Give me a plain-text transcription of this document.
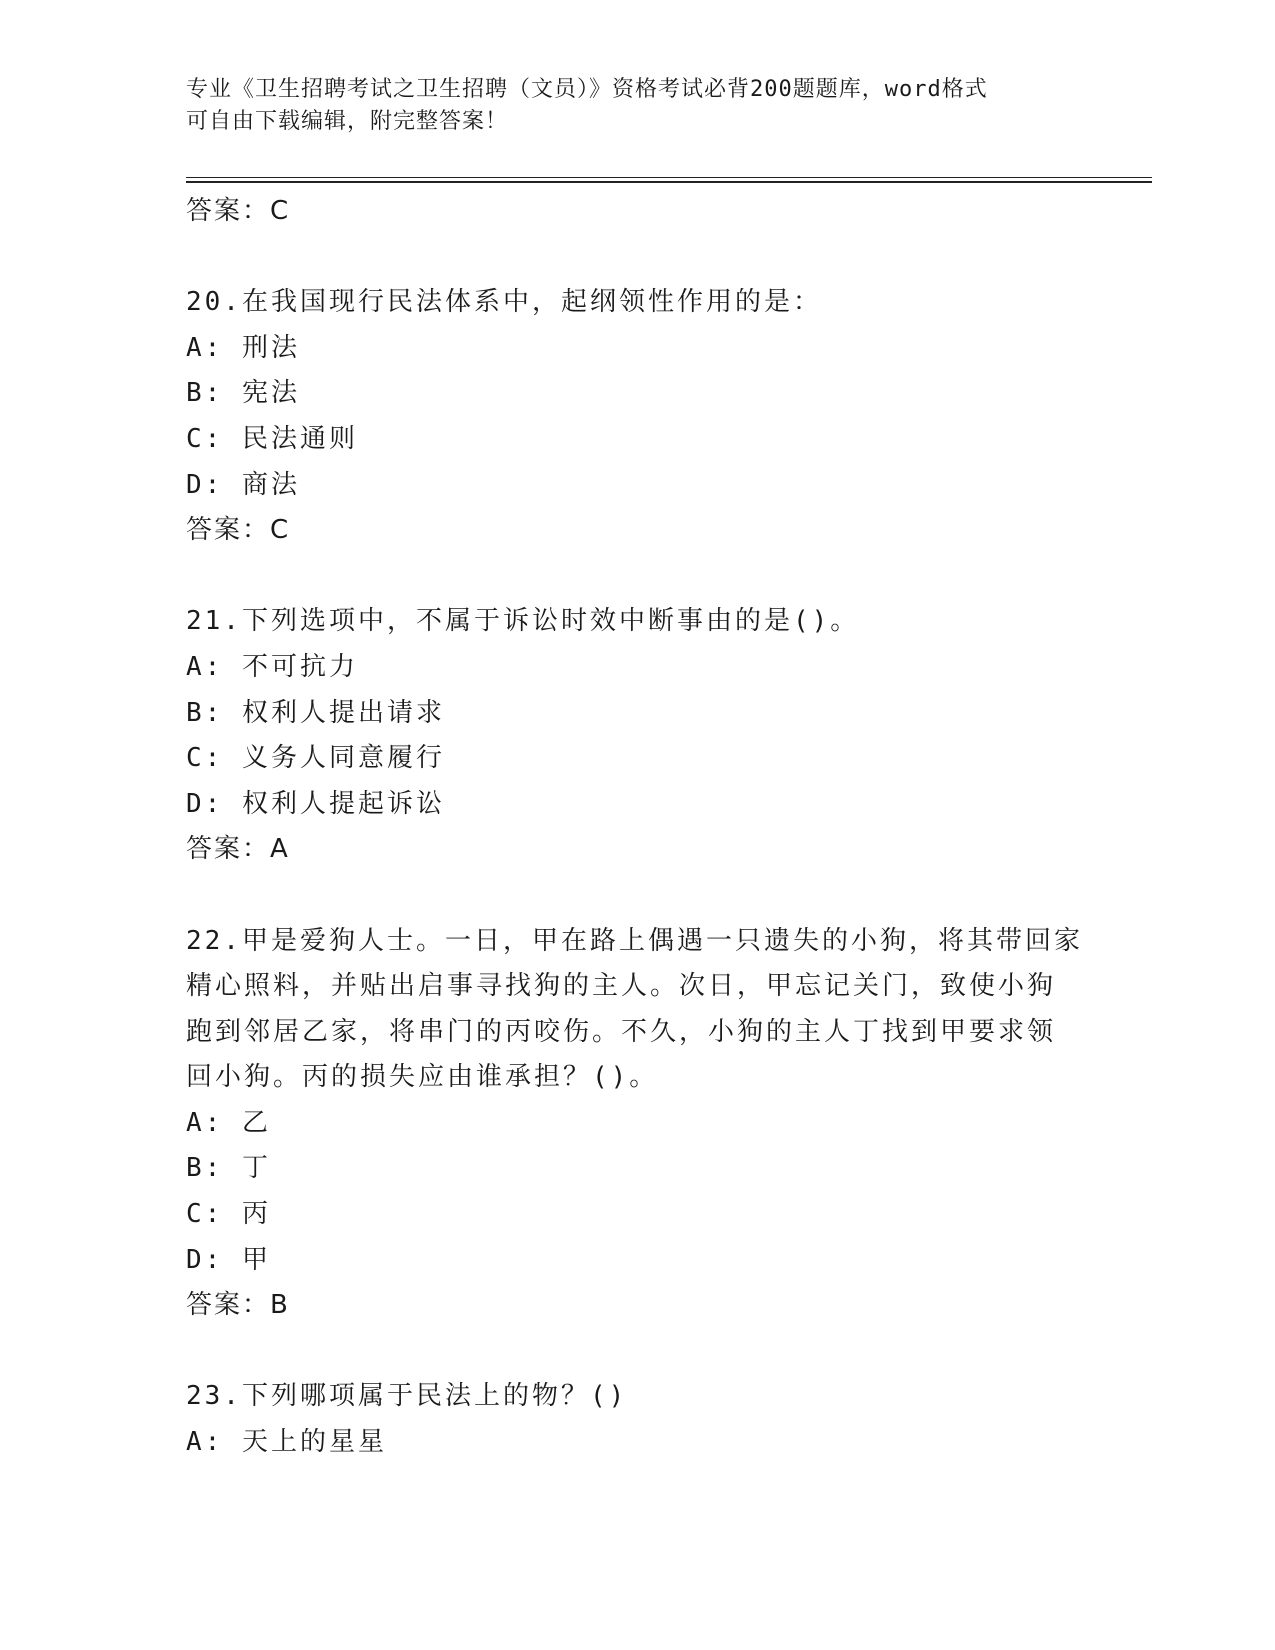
专业《卫生招聘考试之卫生招聘（文员）》资格考试必背200题题库，word格式
可自由下载编辑，附完整答案！
答案：C
20.在我国现行民法体系中，起纲领性作用的是：
A: 刑法
B: 宪法
C: 民法通则
D: 商法
答案：C
21.下列选项中，不属于诉讼时效中断事由的是()。
A: 不可抗力
B: 权利人提出请求
C: 义务人同意履行
D: 权利人提起诉讼
答案：A
22.甲是爱狗人士。一日，甲在路上偶遇一只遗失的小狗，将其带回家
精心照料，并贴出启事寻找狗的主人。次日，甲忘记关门，致使小狗
跑到邻居乙家，将串门的丙咬伤。不久，小狗的主人丁找到甲要求领
回小狗。丙的损失应由谁承担？()。
A: 乙
B: 丁
C: 丙
D: 甲
答案：B
23.下列哪项属于民法上的物？()
A: 天上的星星
